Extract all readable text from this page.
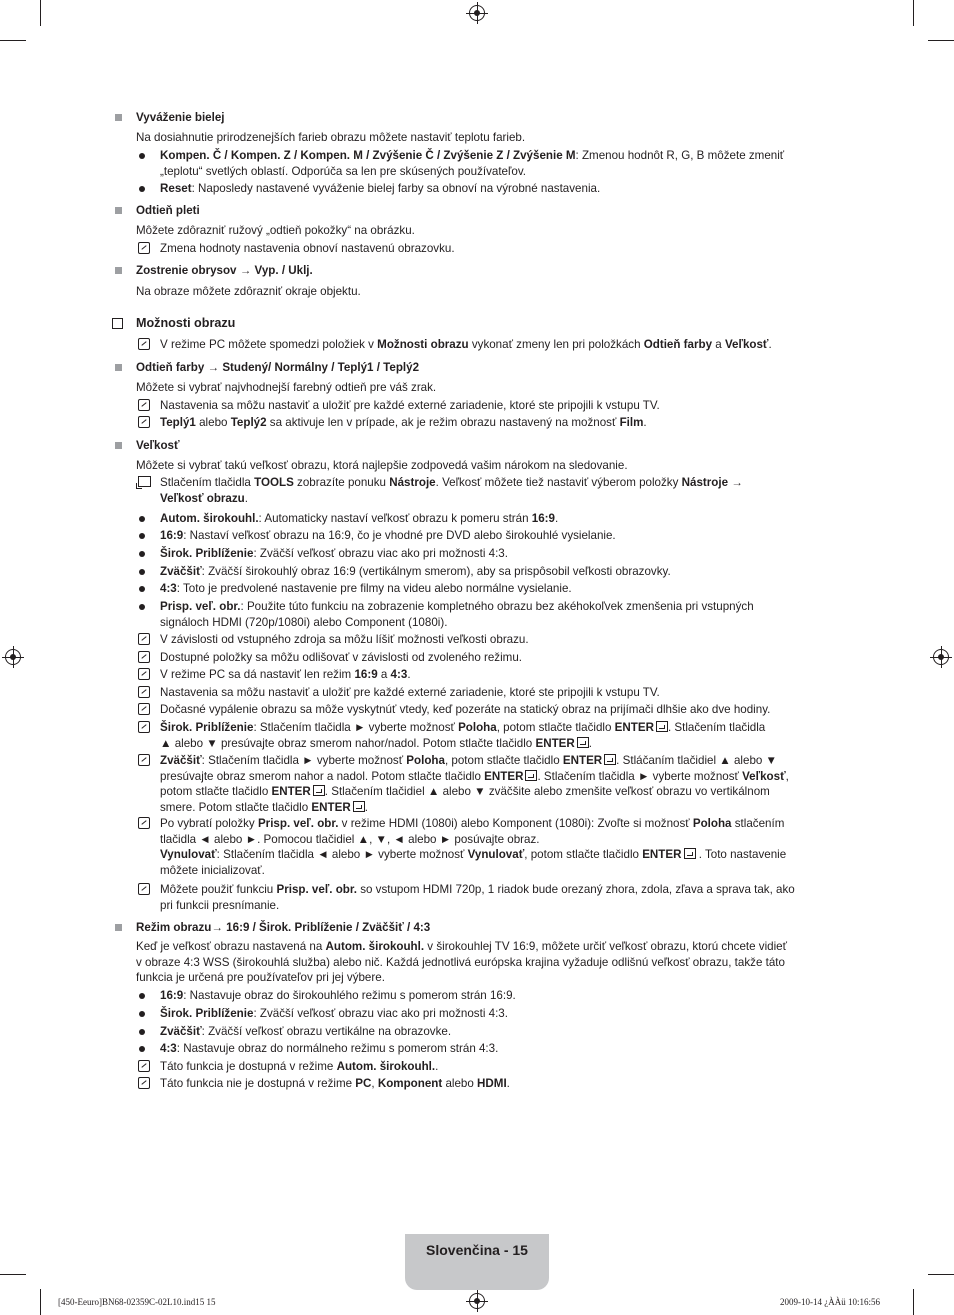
Vyváženie bielej
Na dosiahnutie prirodzenejších farieb obrazu môžete nastaviť teplotu farieb.
Kompen. Č / Kompen. Z / Kompen. M / Zvýšenie Č / Zvýšenie Z / Zvýšenie M: Zmenou hodnôt R, G, B môžete zmeniť
„teplotu“ svetlých oblastí. Odporúča sa len pre skúsených používateľov.
Reset: Naposledy nastavené vyváženie bielej farby sa obnoví na výrobné nastavenia.
Odtieň pleti
Môžete zdôrazniť ružový „odtieň pokožky“ na obrázku.
Zmena hodnoty nastavenia obnoví nastavenú obrazovku.
Zostrenie obrysov → Vyp. / Uklj.
Na obraze môžete zdôrazniť okraje objektu.
Možnosti obrazu
V režime PC môžete spomedzi položiek v Možnosti obrazu vykonať zmeny len pri položkách Odtieň farby a Veľkosť.
Odtieň farby → Studený/ Normálny / Teplý1 / Teplý2
Môžete si vybrať najvhodnejší farebný odtieň pre váš zrak.
Nastavenia sa môžu nastaviť a uložiť pre každé externé zariadenie, ktoré ste pripojili k vstupu TV.
Teplý1 alebo Teplý2 sa aktivuje len v prípade, ak je režim obrazu nastavený na možnosť Film.
Veľkosť
Môžete si vybrať takú veľkosť obrazu, ktorá najlepšie zodpovedá vašim nárokom na sledovanie.
Stlačením tlačidla TOOLS zobrazíte ponuku Nástroje. Veľkosť môžete tiež nastaviť výberom položky Nástroje →
Veľkosť obrazu.
Autom. širokouhl.: Automaticky nastaví veľkosť obrazu k pomeru strán 16:9.
16:9: Nastaví veľkosť obrazu na 16:9, čo je vhodné pre DVD alebo širokouhlé vysielanie.
Širok. Priblíženie: Zväčší veľkosť obrazu viac ako pri možnosti 4:3.
Zväčšiť: Zväčší širokouhlý obraz 16:9 (vertikálnym smerom), aby sa prispôsobil veľkosti obrazovky.
4:3: Toto je predvolené nastavenie pre filmy na videu alebo normálne vysielanie.
Prisp. veľ. obr.: Použite túto funkciu na zobrazenie kompletného obrazu bez akéhokoľvek zmenšenia pri vstupných
signáloch HDMI (720p/1080i) alebo Component (1080i).
V závislosti od vstupného zdroja sa môžu líšiť možnosti veľkosti obrazu.
Dostupné položky sa môžu odlišovať v závislosti od zvoleného režimu.
V režime PC sa dá nastaviť len režim 16:9 a 4:3.
Nastavenia sa môžu nastaviť a uložiť pre každé externé zariadenie, ktoré ste pripojili k vstupu TV.
Dočasné vypálenie obrazu sa môže vyskytnúť vtedy, keď pozeráte na statický obraz na prijímači dlhšie ako dve hodiny.
Širok. Priblíženie: Stlačením tlačidla ► vyberte možnosť Poloha, potom stlačte tlačidlo ENTER . Stlačením tlačidla
▲ alebo ▼ presúvajte obraz smerom nahor/nadol. Potom stlačte tlačidlo ENTER .
Zväčšiť: Stlačením tlačidla ► vyberte možnosť Poloha, potom stlačte tlačidlo ENTER . Stláčaním tlačidiel ▲ alebo ▼
presúvajte obraz smerom nahor a nadol. Potom stlačte tlačidlo ENTER . Stlačením tlačidla ► vyberte možnosť Veľkosť,
potom stlačte tlačidlo ENTER . Stlačením tlačidiel ▲ alebo ▼ zväčšite alebo zmenšite veľkosť obrazu vo vertikálnom
smere. Potom stlačte tlačidlo ENTER .
Po vybratí položky Prisp. veľ. obr. v režime HDMI (1080i) alebo Komponent (1080i): Zvoľte si možnosť Poloha stlačením
tlačidla ◄ alebo ►. Pomocou tlačidiel ▲, ▼, ◄ alebo ► posúvajte obraz.
Vynulovať: Stlačením tlačidla ◄ alebo ► vyberte možnosť Vynulovať, potom stlačte tlačidlo ENTER . Toto nastavenie
môžete inicializovať.
Môžete použiť funkciu Prisp. veľ. obr. so vstupom HDMI 720p, 1 riadok bude orezaný zhora, zdola, zľava a sprava tak, ako
pri funkcii presnímanie.
Režim obrazu→ 16:9 / Širok. Priblíženie / Zväčšiť / 4:3
Keď je veľkosť obrazu nastavená na Autom. širokouhl. v širokouhlej TV 16:9, môžete určiť veľkosť obrazu, ktorú chcete vidieť
v obraze 4:3 WSS (širokouhlá služba) alebo nič. Každá jednotlivá európska krajina vyžaduje odlišnú veľkosť obrazu, takže táto
funkcia je určená pre používateľov pri jej výbere.
16:9: Nastavuje obraz do širokouhlého režimu s pomerom strán 16:9.
Širok. Priblíženie: Zväčší veľkosť obrazu viac ako pri možnosti 4:3.
Zväčšiť: Zväčší veľkosť obrazu vertikálne na obrazovke.
4:3: Nastavuje obraz do normálneho režimu s pomerom strán 4:3.
Táto funkcia je dostupná v režime Autom. širokouhl..
Táto funkcia nie je dostupná v režime PC, Komponent alebo HDMI.
Slovenčina - 15
[450-Eeuro]BN68-02359C-02L10.ind15 15	2009-10-14 ¿ÀÀü 10:16:56
